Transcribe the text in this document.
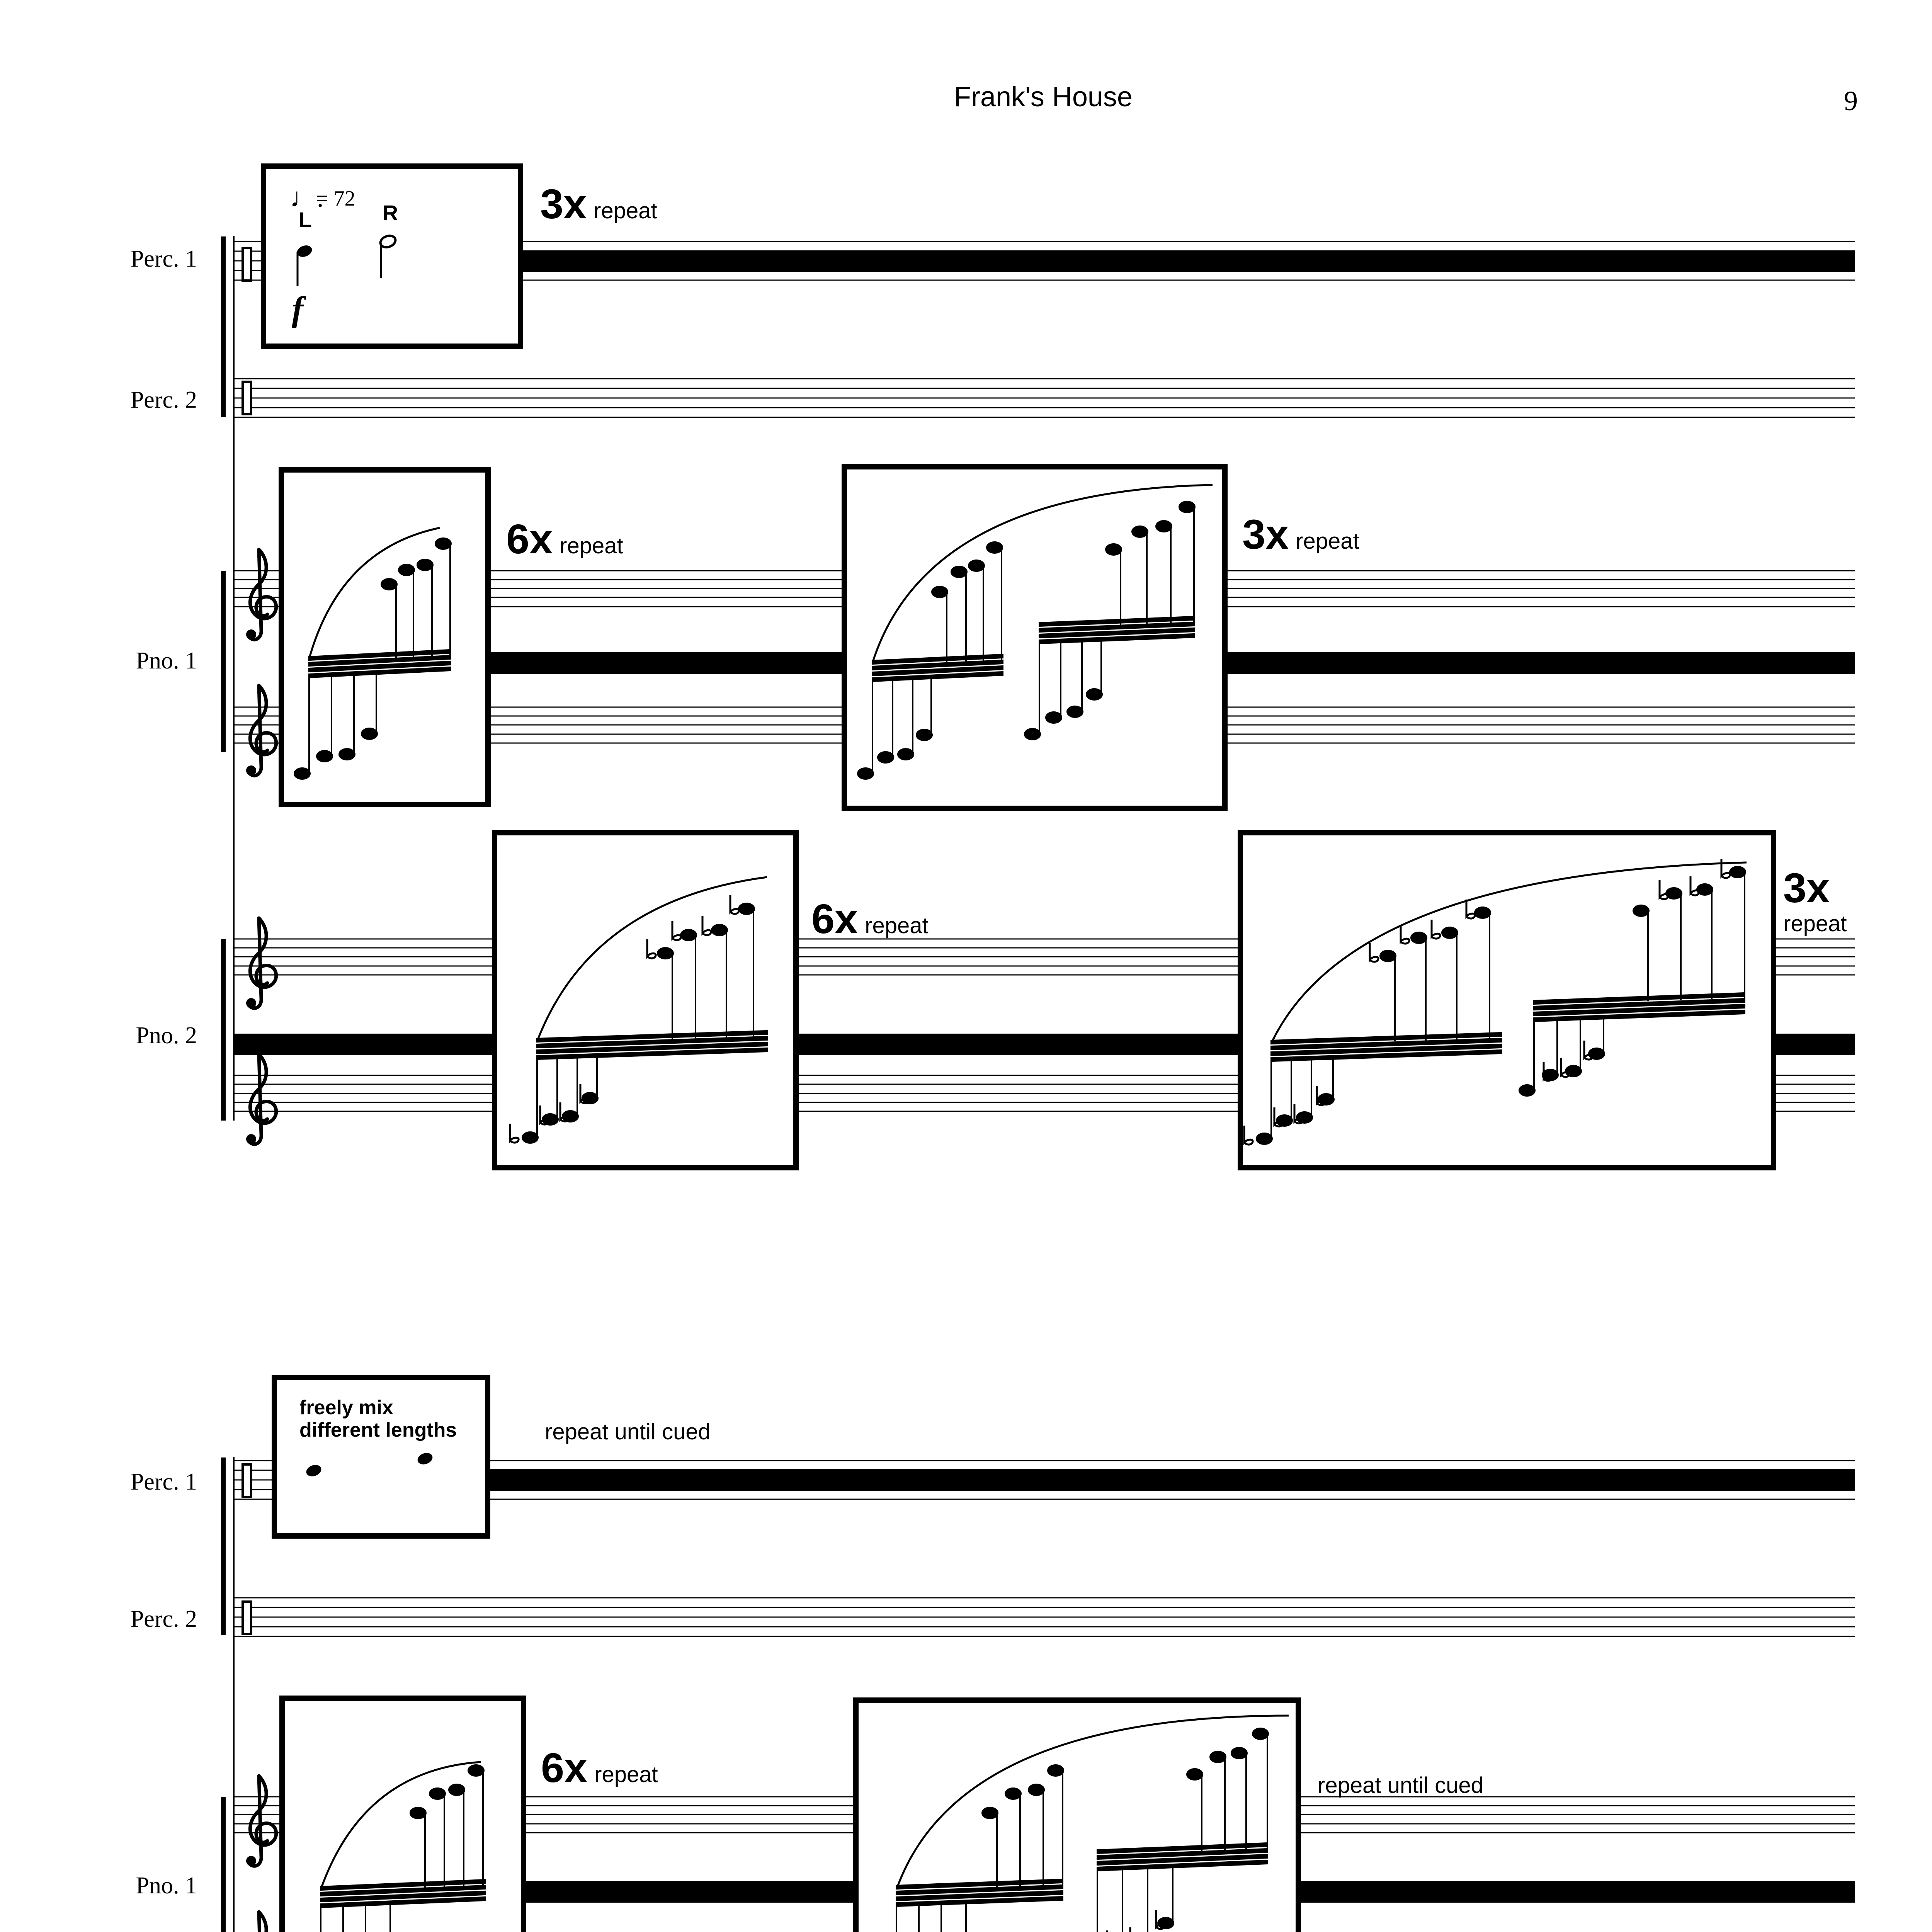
Frank's House	9
Perc. 1
♩.
= 72
L	R
f
3x repeat
Perc. 2
Pno. 1
6x repeat	3x repeat
Pno. 2
6x repeat
3x
repeat
Perc. 1
freely mix
different lengths	repeat until cued
Perc. 2
Pno. 1
6x repeat	repeat until cued
